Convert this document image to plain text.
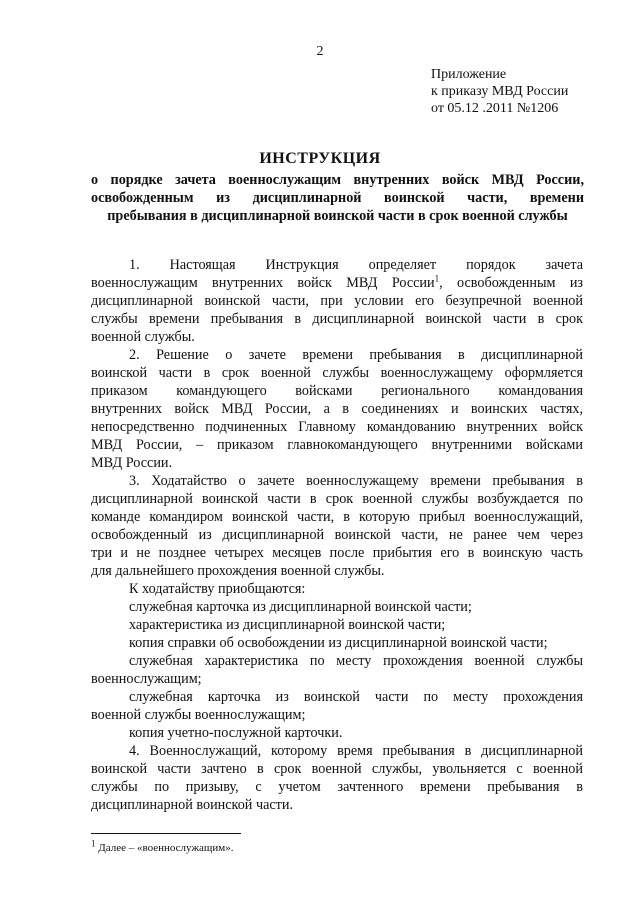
2
Приложение
к приказу МВД России
от 05.12 .2011 №1206
ИНСТРУКЦИЯ
о порядке зачета военнослужащим внутренних войск МВД России,
освобожденным из дисциплинарной воинской части, времени
пребывания в дисциплинарной воинской части в срок военной службы
1. Настоящая Инструкция определяет порядок зачета
военнослужащим внутренних войск МВД России$^1$, освобожденным из
дисциплинарной воинской части, при условии его безупречной военной
службы времени пребывания в дисциплинарной воинской части в срок
военной службы.
2. Решение о зачете времени пребывания в дисциплинарной
воинской части в срок военной службы военнослужащему оформляется
приказом командующего войсками регионального командования
внутренних войск МВД России, а в соединениях и воинских частях,
непосредственно подчиненных Главному командованию внутренних войск
МВД России, – приказом главнокомандующего внутренними войсками
МВД России.
3. Ходатайство о зачете военнослужащему времени пребывания в
дисциплинарной воинской части в срок военной службы возбуждается по
команде командиром воинской части, в которую прибыл военнослужащий,
освобожденный из дисциплинарной воинской части, не ранее чем через
три и не позднее четырех месяцев после прибытия его в воинскую часть
для дальнейшего прохождения военной службы.
К ходатайству приобщаются:
служебная карточка из дисциплинарной воинской части;
характеристика из дисциплинарной воинской части;
копия справки об освобождении из дисциплинарной воинской части;
служебная характеристика по месту прохождения военной службы
военнослужащим;
служебная карточка из воинской части по месту прохождения
военной службы военнослужащим;
копия учетно-послужной карточки.
4. Военнослужащий, которому время пребывания в дисциплинарной
воинской части зачтено в срок военной службы, увольняется с военной
службы по призыву, с учетом зачтенного времени пребывания в
дисциплинарной воинской части.
$^1$ Далее – «военнослужащим».
